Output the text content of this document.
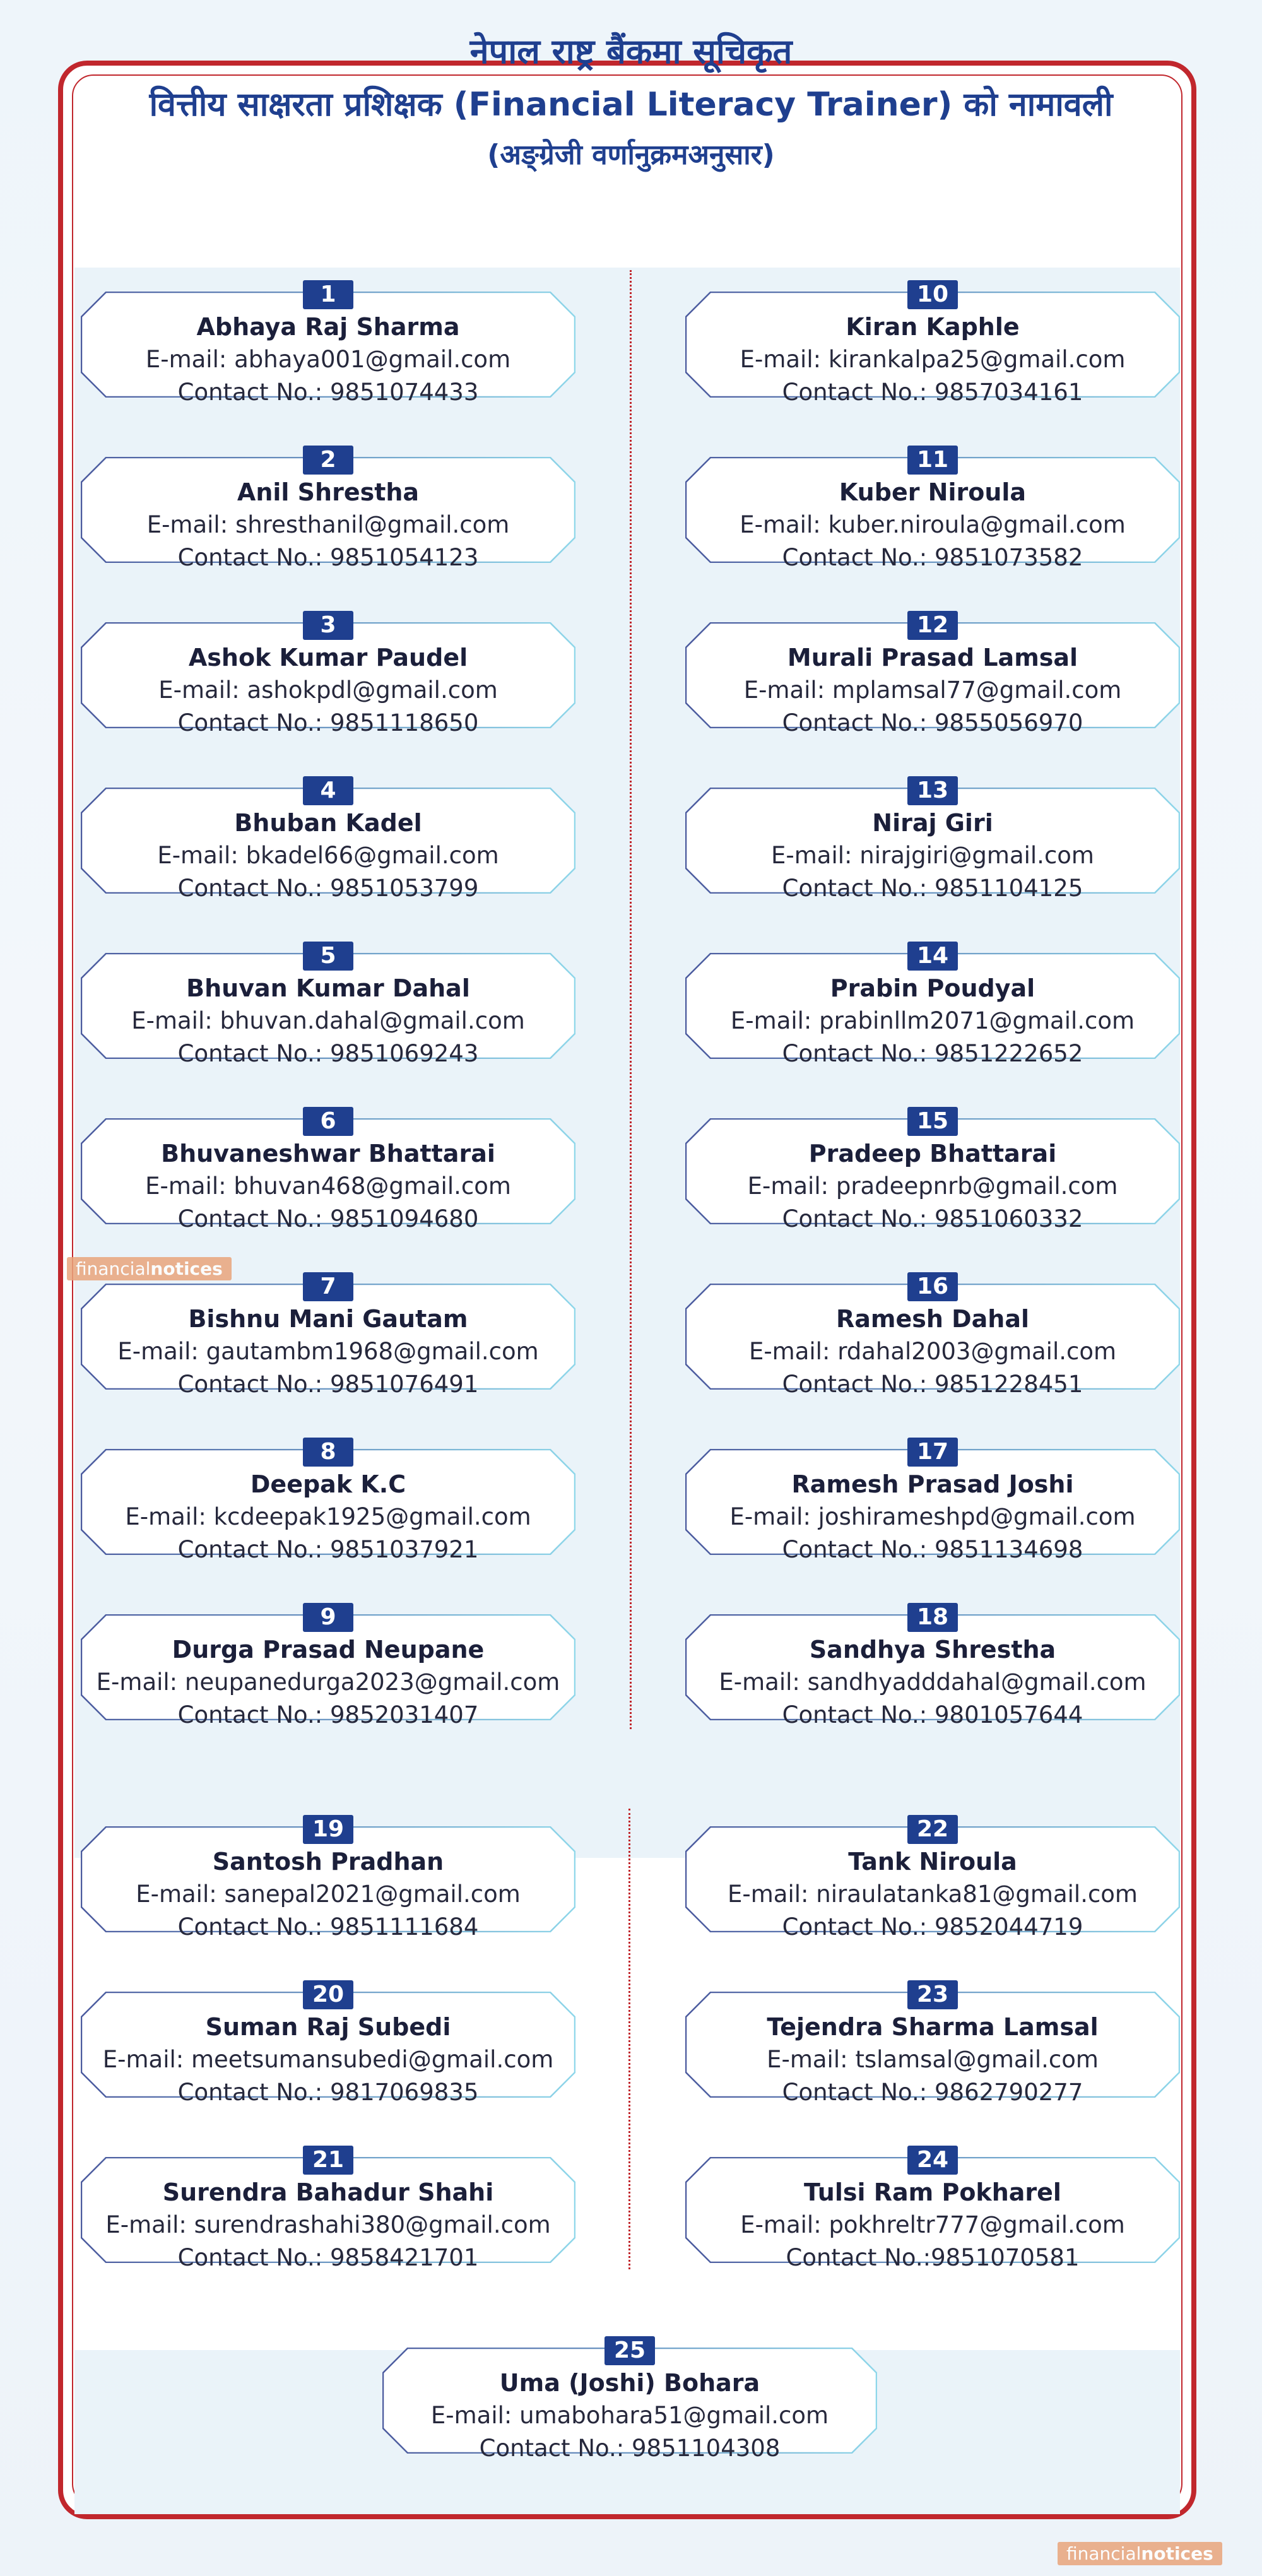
नेपाल राष्ट्र बैंकमा सूचिकृत
वित्तीय साक्षरता प्रशिक्षक (Financial Literacy Trainer) को नामावली
(अङ्ग्रेजी वर्णानुक्रमअनुसार)
1
Abhaya Raj Sharma
E-mail: abhaya001@gmail.com
Contact No.: 9851074433
2
Anil Shrestha
E-mail: shresthanil@gmail.com
Contact No.: 9851054123
3
Ashok Kumar Paudel
E-mail: ashokpdl@gmail.com
Contact No.: 9851118650
4
Bhuban Kadel
E-mail: bkadel66@gmail.com
Contact No.: 9851053799
5
Bhuvan Kumar Dahal
E-mail: bhuvan.dahal@gmail.com
Contact No.: 9851069243
6
Bhuvaneshwar Bhattarai
E-mail: bhuvan468@gmail.com
Contact No.: 9851094680
7
Bishnu Mani Gautam
E-mail: gautambm1968@gmail.com
Contact No.: 9851076491
8
Deepak K.C
E-mail: kcdeepak1925@gmail.com
Contact No.: 9851037921
9
Durga Prasad Neupane
E-mail: neupanedurga2023@gmail.com
Contact No.: 9852031407
10
Kiran Kaphle
E-mail: kirankalpa25@gmail.com
Contact No.: 9857034161
11
Kuber Niroula
E-mail: kuber.niroula@gmail.com
Contact No.: 9851073582
12
Murali Prasad Lamsal
E-mail: mplamsal77@gmail.com
Contact No.: 9855056970
13
Niraj Giri
E-mail: nirajgiri@gmail.com
Contact No.: 9851104125
14
Prabin Poudyal
E-mail: prabinllm2071@gmail.com
Contact No.: 9851222652
15
Pradeep Bhattarai
E-mail: pradeepnrb@gmail.com
Contact No.: 9851060332
16
Ramesh Dahal
E-mail: rdahal2003@gmail.com
Contact No.: 9851228451
17
Ramesh Prasad Joshi
E-mail: joshirameshpd@gmail.com
Contact No.: 9851134698
18
Sandhya Shrestha
E-mail: sandhyadddahal@gmail.com
Contact No.: 9801057644
19
Santosh Pradhan
E-mail: sanepal2021@gmail.com
Contact No.: 9851111684
20
Suman Raj Subedi
E-mail: meetsumansubedi@gmail.com
Contact No.: 9817069835
21
Surendra Bahadur Shahi
E-mail: surendrashahi380@gmail.com
Contact No.: 9858421701
22
Tank Niroula
E-mail: niraulatanka81@gmail.com
Contact No.: 9852044719
23
Tejendra Sharma Lamsal
E-mail: tslamsal@gmail.com
Contact No.: 9862790277
24
Tulsi Ram Pokharel
E-mail: pokhreltr777@gmail.com
Contact No.:9851070581
25
Uma (Joshi) Bohara
E-mail: umabohara51@gmail.com
Contact No.: 9851104308
financialnotices
financialnotices
